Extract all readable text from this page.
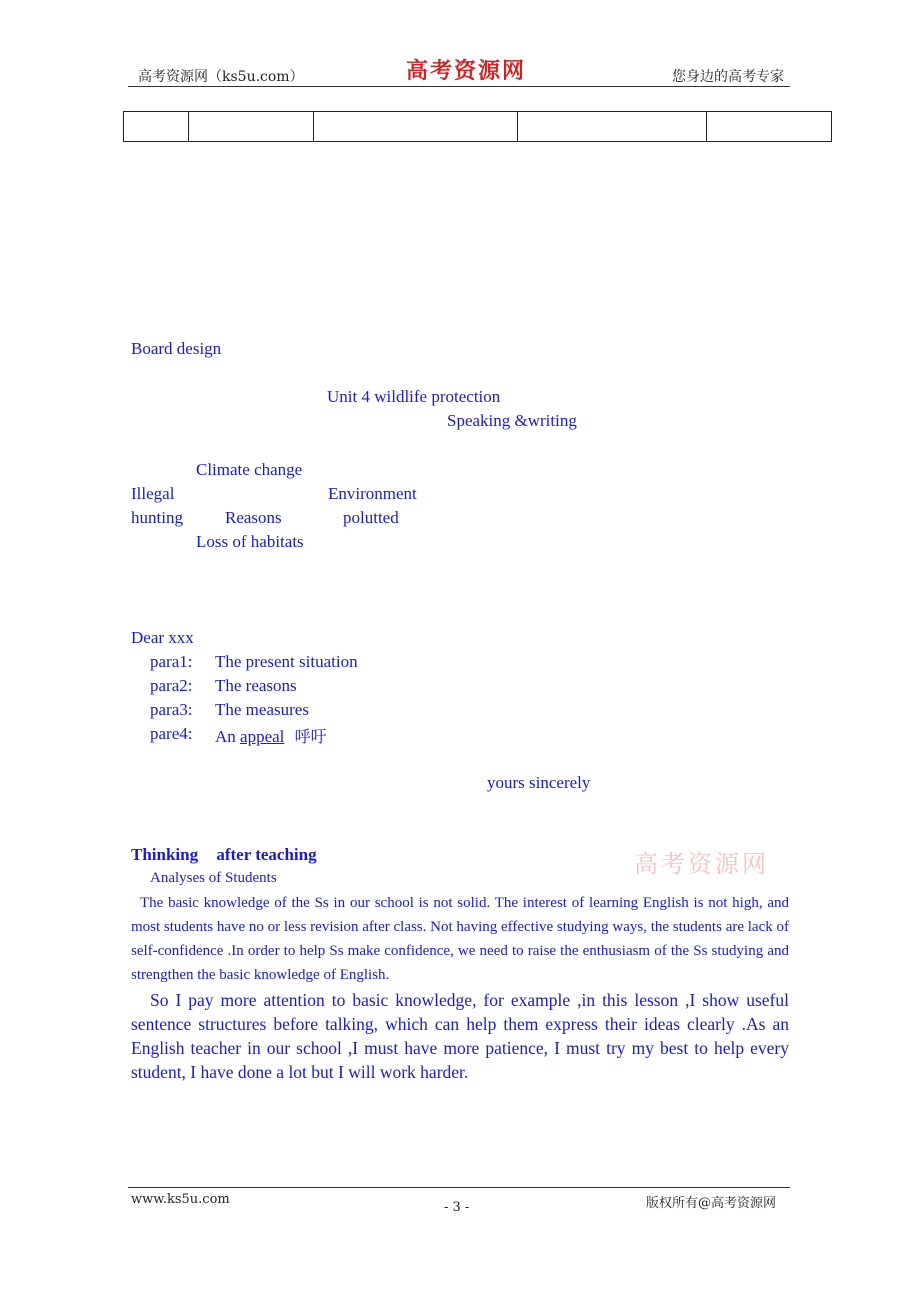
高考资源网（ks5u.com）	高考资源网	您身边的高考专家

Board design
Unit 4 wildlife protection
Speaking &writing
Climate change
Illegal	Environment
hunting Reasons	polutted
Loss of habitats
Dear xxx
para1: The present situation
para2: The reasons
para3: The measures
pare4: An appeal 呼吁
yours sincerely
Thinking after teaching	高考资源网
Analyses of Students
The basic knowledge of the Ss in our school is not solid. The interest of learning English is not high, and most students have no or less revision after class. Not having effective studying ways, the students are lack of self-confidence .In order to help Ss make confidence, we need to raise the enthusiasm of the Ss studying and strengthen the basic knowledge of English.
So I pay more attention to basic knowledge, for example ,in this lesson ,I show useful sentence structures before talking, which can help them express their ideas clearly .As an English teacher in our school ,I must have more patience, I must try my best to help every student, I have done a lot but I will work harder.
www.ks5u.com
- 3 -	版权所有@高考资源网
